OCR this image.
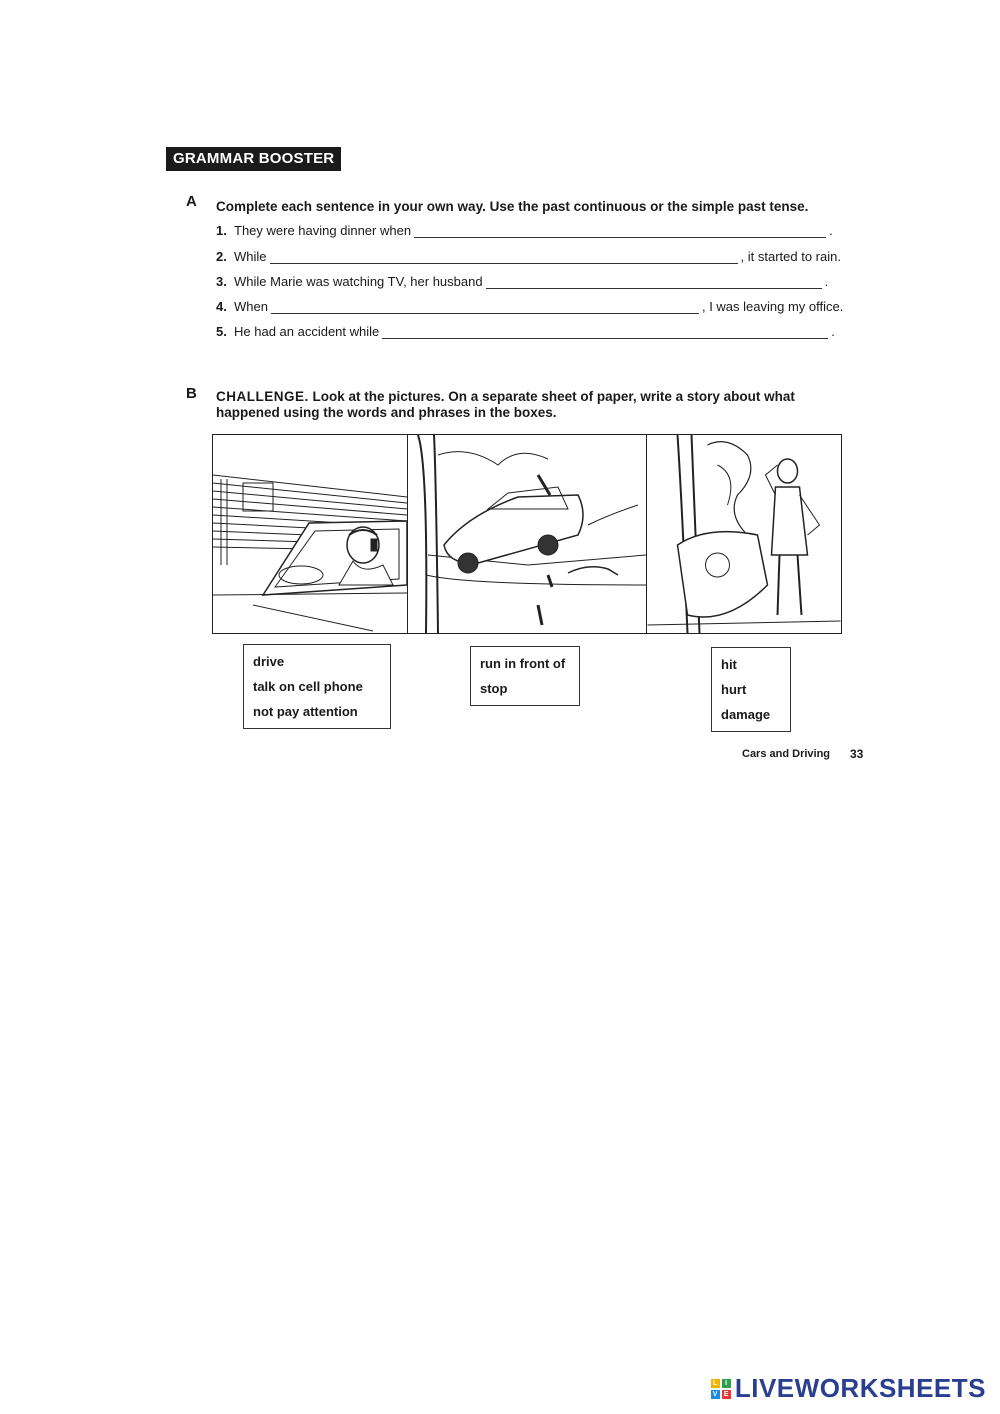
GRAMMAR BOOSTER
A Complete each sentence in your own way. Use the past continuous or the simple past tense.
1. They were having dinner when	.
2. While	, it started to rain.
3. While Marie was watching TV, her husband	.
4. When	, I was leaving my office.
5. He had an accident while	.
B CHALLENGE. Look at the pictures. On a separate sheet of paper, write a story about what
happened using the words and phrases in the boxes.
drive
talk on cell phone
not pay attention
run in front of
stop
hit
hurt
damage
Cars and Driving 33
L	I
V E LIVEWORKSHEETS
